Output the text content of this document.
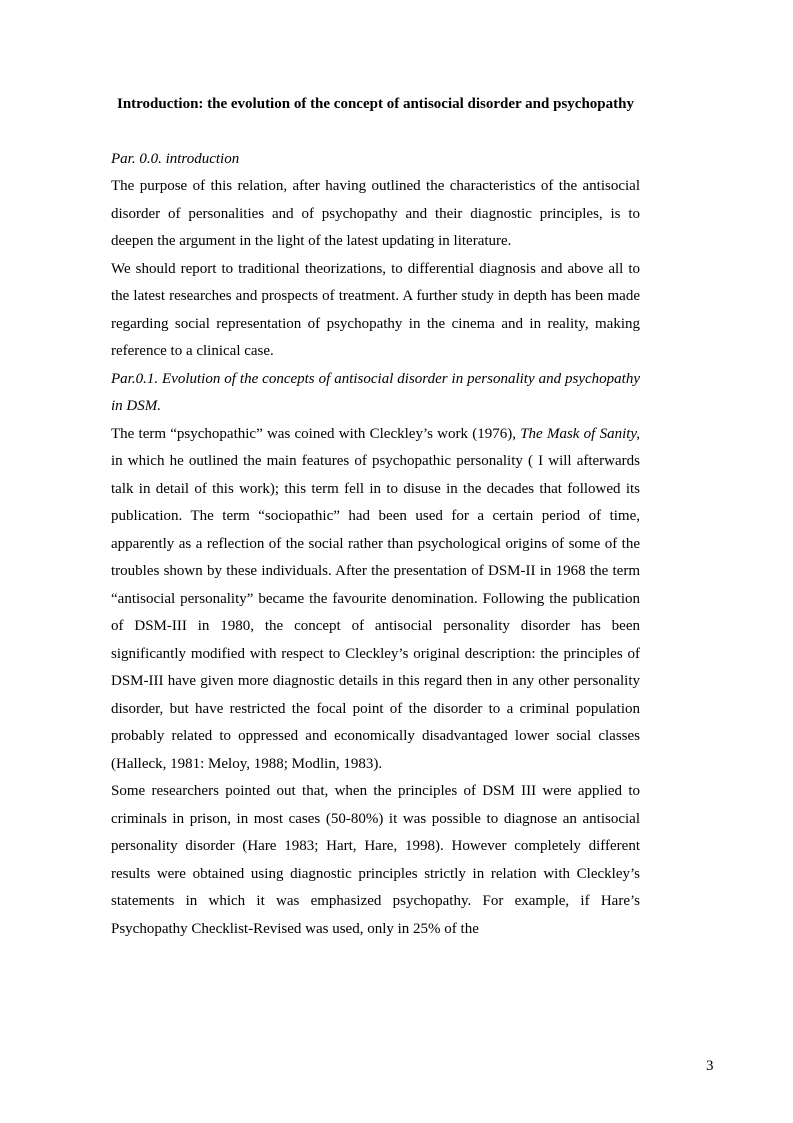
Introduction: the evolution of the concept of antisocial disorder and psychopathy
Par. 0.0. introduction

The purpose of this relation, after having outlined the characteristics of the antisocial disorder of personalities and of psychopathy and their diagnostic principles, is to deepen the argument in the light of the latest updating in literature.

We should report to traditional theorizations, to differential diagnosis and above all to the latest researches and prospects of treatment. A further study in depth has been made regarding social representation of psychopathy in the cinema and in reality, making reference to a clinical case.

Par.0.1. Evolution of the concepts of antisocial disorder in personality and psychopathy in DSM.

The term “psychopathic” was coined with Cleckley’s work (1976), The Mask of Sanity, in which he outlined the main features of psychopathic personality ( I will afterwards talk in detail of this work); this term fell in to disuse in the decades that followed its publication. The term “sociopathic” had been used for a certain period of time, apparently as a reflection of the social rather than psychological origins of some of the troubles shown by these individuals. After the presentation of DSM-II in 1968 the term “antisocial personality” became the favourite denomination. Following the publication of DSM-III in 1980, the concept of antisocial personality disorder has been significantly modified with respect to Cleckley’s original description: the principles of DSM-III have given more diagnostic details in this regard then in any other personality disorder, but have restricted the focal point of the disorder to a criminal population probably related to oppressed and economically disadvantaged lower social classes (Halleck, 1981: Meloy, 1988; Modlin, 1983).

Some researchers pointed out that, when the principles of DSM III were applied to criminals in prison, in most cases (50-80%) it was possible to diagnose an antisocial personality disorder (Hare 1983; Hart, Hare, 1998). However completely different results were obtained using diagnostic principles strictly in relation with Cleckley’s statements in which it was emphasized psychopathy. For example, if Hare’s Psychopathy Checklist-Revised was used, only in 25% of the

3
